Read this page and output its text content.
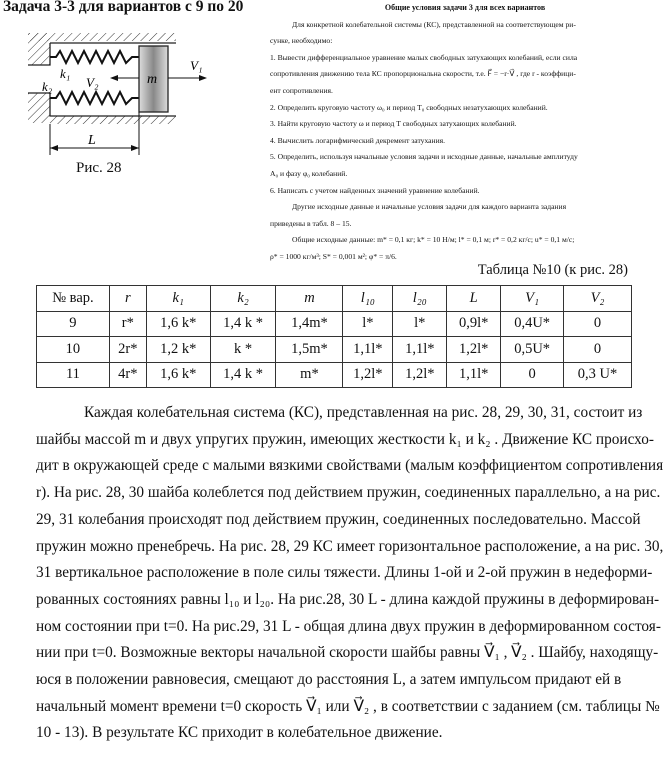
Задача 3-3 для вариантов с 9 по 20
k₁
k₂	V₂
V₁
m
L
Рис. 28
Общие условия задачи 3 для всех вариантов
Для конкретной колебательной системы (КС), представленной на соответствующем ри-
сунке, необходимо:
1. Вывести дифференциальное уравнение малых свободных затухающих колебаний, если сила
сопротивления движению тела КС пропорциональна скорости, т.е. F⃗ = −r·V⃗ , где r - коэффици-
ент сопротивления.
2. Определить круговую частоту ω₀ и период T₀ свободных незатухающих колебаний.
3. Найти круговую частоту ω и период T свободных затухающих колебаний.
4. Вычислить логарифмический декремент затухания.
5. Определить, используя начальные условия задачи и исходные данные, начальные амплитуду
A₀ и фазу φ₀ колебаний.
6. Написать с учетом найденных значений уравнение колебаний.
Другие исходные данные и начальные условия задачи для каждого варианта задания
приведены в табл. 8 – 15.
Общие исходные данные: m* = 0,1 кг; k* = 10 Н/м; l* = 0,1 м; r* = 0,2 кг/с; u* = 0,1 м/с;
ρ* = 1000 кг/м³; S* = 0,001 м²; φ* = π/6.
Таблица №10 (к рис. 28)
№ вар.	r	k₁	k₂	m	l₁₀	l₂₀	L	V₁	V₂
9	r*	1,6 k*	1,4 k *	1,4m*	l*	l*	0,9l*	0,4U*	0
10	2r*	1,2 k*	k *	1,5m*	1,1l*	1,1l*	1,2l*	0,5U*	0
11	4r*	1,6 k*	1,4 k *	m*	1,2l*	1,2l*	1,1l*	0	0,3 U*
Каждая колебательная система (КС), представленная на рис. 28, 29, 30, 31, состоит из
шайбы массой m и двух упругих пружин, имеющих жесткости k₁ и k₂ . Движение КС происхо-
дит в окружающей среде с малыми вязкими свойствами (малым коэффициентом сопротивления
r). На рис. 28, 30 шайба колеблется под действием пружин, соединенных параллельно, а на рис.
29, 31 колебания происходят под действием пружин, соединенных последовательно. Массой
пружин можно пренебречь. На рис. 28, 29 КС имеет горизонтальное расположение, а на рис. 30,
31 вертикальное расположение в поле силы тяжести. Длины 1-ой и 2-ой пружин в недеформи-
рованных состояниях равны l₁₀ и l₂₀. На рис.28, 30 L - длина каждой пружины в деформирован-
ном состоянии при t=0. На рис.29, 31 L - общая длина двух пружин в деформированном состоя-
нии при t=0. Возможные векторы начальной скорости шайбы равны V⃗₁ , V⃗₂ . Шайбу, находящу-
юся в положении равновесия, смещают до расстояния L, а затем импульсом придают ей в
начальный момент времени t=0 скорость V⃗₁ или V⃗₂ , в соответствии с заданием (см. таблицы №
10 - 13). В результате КС приходит в колебательное движение.
